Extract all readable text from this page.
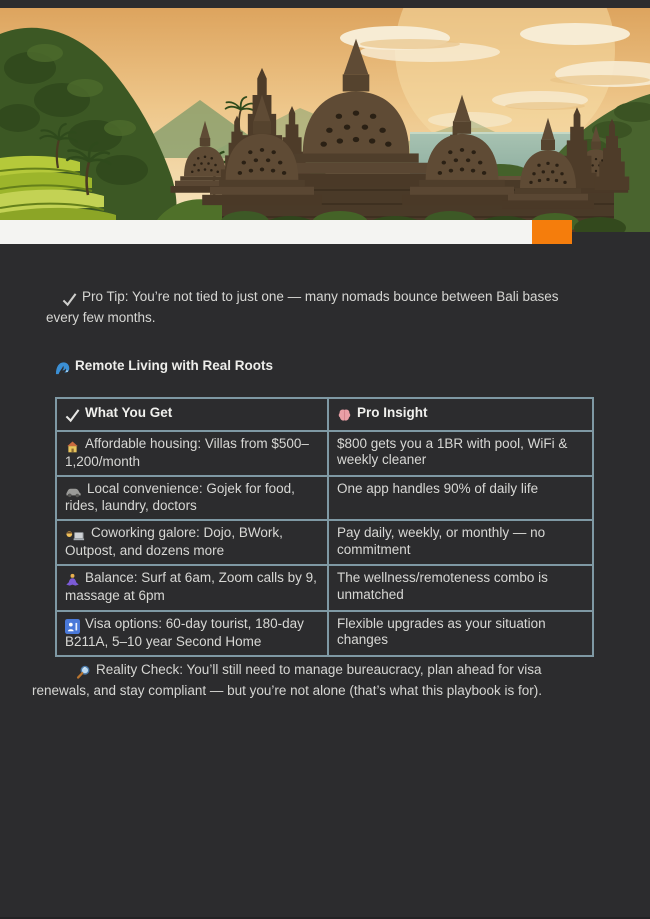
Pro Tip: You’re not tied to just one — many nomads bounce between Bali bases every few months.

Remote Living with Real Roots
What You Get	Pro Insight
Affordable housing: Villas from $500–1,200/month	$800 gets you a 1BR with pool, WiFi & weekly cleaner
Local convenience: Gojek for food, rides, laundry, doctors	One app handles 90% of daily life
Coworking galore: Dojo, BWork, Outpost, and dozens more	Pay daily, weekly, or monthly — no commitment
Balance: Surf at 6am, Zoom calls by 9, massage at 6pm	The wellness/remoteness combo is unmatched
Visa options: 60-day tourist, 180-day B211A, 5–10 year Second Home	Flexible upgrades as your situation changes

Reality Check: You’ll still need to manage bureaucracy, plan ahead for visa renewals, and stay compliant — but you’re not alone (that’s what this playbook is for).
